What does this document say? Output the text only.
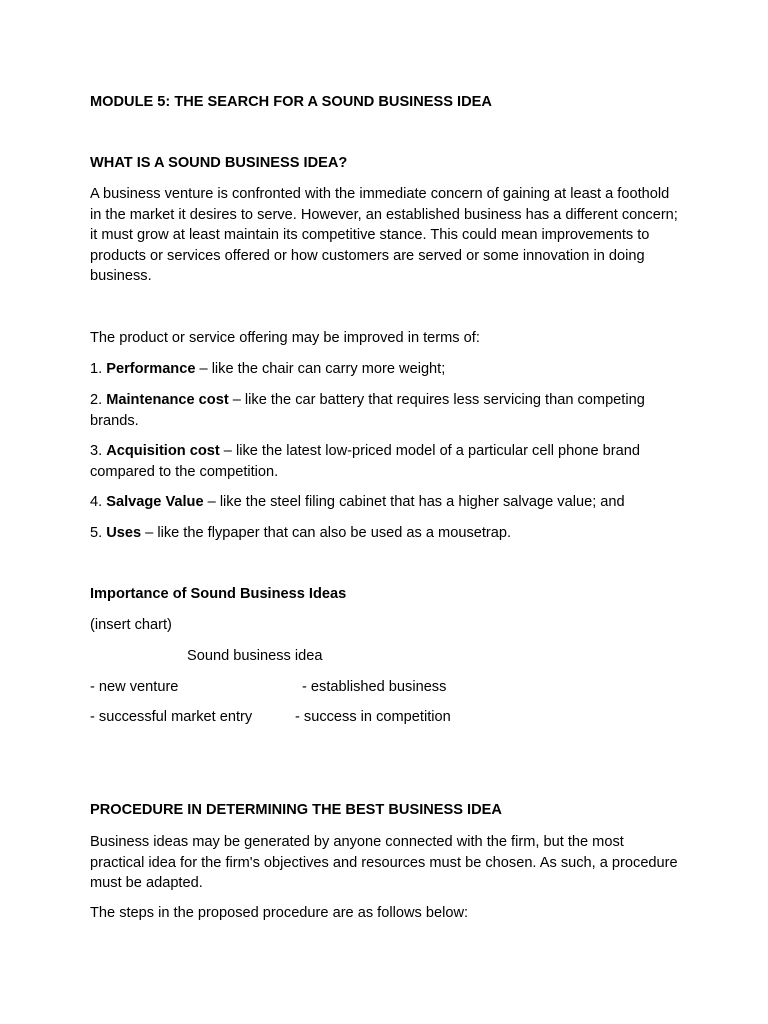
MODULE 5: THE SEARCH FOR A SOUND BUSINESS IDEA

WHAT IS A SOUND BUSINESS IDEA?

A business venture is confronted with the immediate concern of gaining at least a foothold in the market it desires to serve. However, an established business has a different concern; it must grow at least maintain its competitive stance. This could mean improvements to products or services offered or how customers are served or some innovation in doing business.

The product or service offering may be improved in terms of:

1. Performance – like the chair can carry more weight;

2. Maintenance cost – like the car battery that requires less servicing than competing brands.

3. Acquisition cost – like the latest low-priced model of a particular cell phone brand compared to the competition.

4. Salvage Value – like the steel filing cabinet that has a higher salvage value; and

5. Uses – like the flypaper that can also be used as a mousetrap.

Importance of Sound Business Ideas

(insert chart)

Sound business idea

- new venture	- established business

- successful market entry	- success in competition

PROCEDURE IN DETERMINING THE BEST BUSINESS IDEA

Business ideas may be generated by anyone connected with the firm, but the most practical idea for the firm's objectives and resources must be chosen. As such, a procedure must be adapted.

The steps in the proposed procedure are as follows below:
